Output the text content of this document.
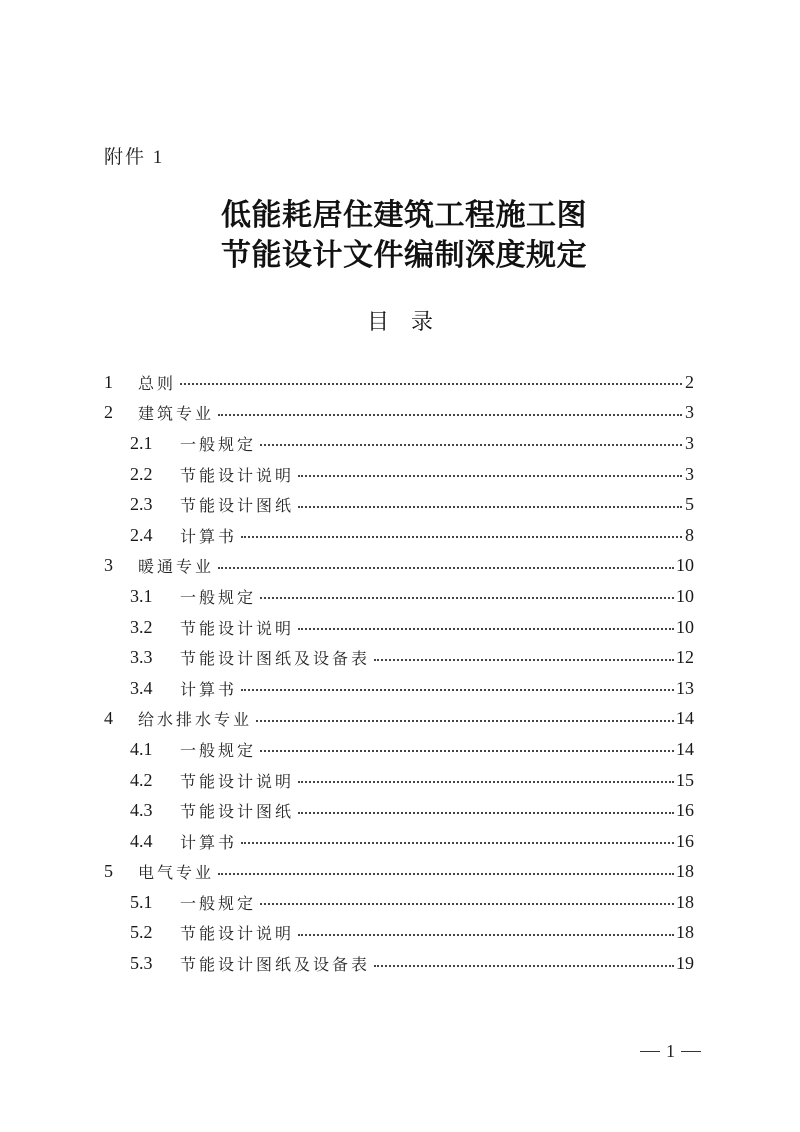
附件 1
低能耗居住建筑工程施工图
节能设计文件编制深度规定
目录
1	总则	2
2	建筑专业	3
2.1	一般规定	3
2.2	节能设计说明	3
2.3	节能设计图纸	5
2.4	计算书	8
3	暖通专业	10
3.1	一般规定	10
3.2	节能设计说明	10
3.3	节能设计图纸及设备表	12
3.4	计算书	13
4	给水排水专业	14
4.1	一般规定	14
4.2	节能设计说明	15
4.3	节能设计图纸	16
4.4	计算书	16
5	电气专业	18
5.1	一般规定	18
5.2	节能设计说明	18
5.3	节能设计图纸及设备表	19
1
